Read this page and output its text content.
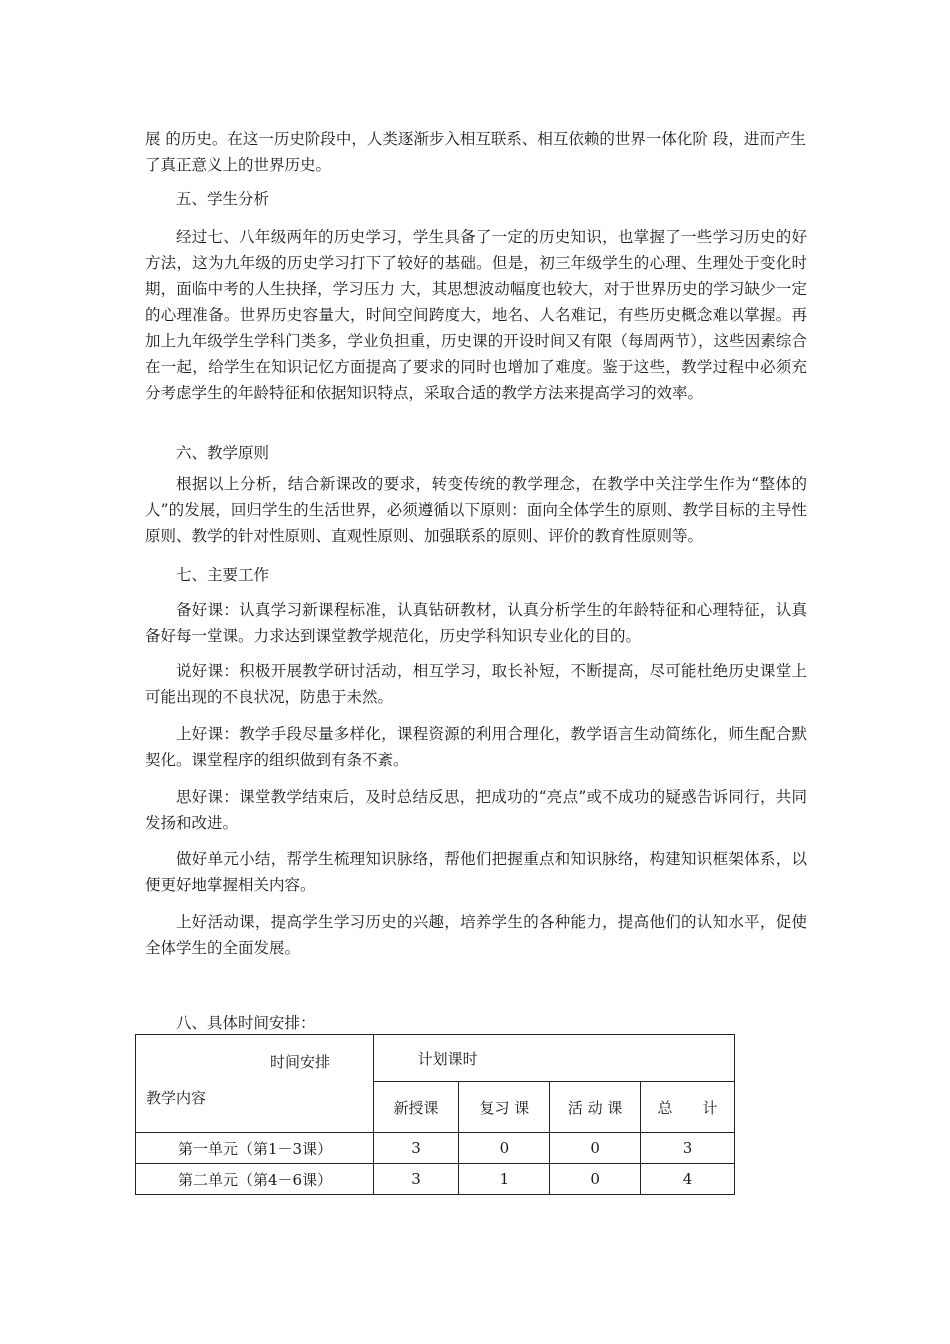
展 的历史。在这一历史阶段中，人类逐渐步入相互联系、相互依赖的世界一体化阶 段，进而产生了真正意义上的世界历史。

五、学生分析

经过七、八年级两年的历史学习，学生具备了一定的历史知识，也掌握了一些学习历史的好方法，这为九年级的历史学习打下了较好的基础。但是，初三年级学生的心理、生理处于变化时期，面临中考的人生抉择，学习压力 大，其思想波动幅度也较大，对于世界历史的学习缺少一定的心理准备。世界历史容量大，时间空间跨度大，地名、人名难记，有些历史概念难以掌握。再加上九年级学生学科门类多，学业负担重，历史课的开设时间又有限（每周两节），这些因素综合在一起，给学生在知识记忆方面提高了要求的同时也增加了难度。鉴于这些，教学过程中必须充分考虑学生的年龄特征和依据知识特点，采取合适的教学方法来提高学习的效率。

六、教学原则

根据以上分析，结合新课改的要求，转变传统的教学理念，在教学中关注学生作为“整体的人”的发展，回归学生的生活世界，必须遵循以下原则：面向全体学生的原则、教学目标的主导性原则、教学的针对性原则、直观性原则、加强联系的原则、评价的教育性原则等。

七、主要工作

备好课：认真学习新课程标准，认真钻研教材，认真分析学生的年龄特征和心理特征，认真备好每一堂课。力求达到课堂教学规范化，历史学科知识专业化的目的。

说好课：积极开展教学研讨活动，相互学习，取长补短，不断提高，尽可能杜绝历史课堂上可能出现的不良状况，防患于未然。

上好课：教学手段尽量多样化，课程资源的利用合理化，教学语言生动简练化，师生配合默契化。课堂程序的组织做到有条不紊。

思好课：课堂教学结束后，及时总结反思，把成功的“亮点”或不成功的疑惑告诉同行，共同发扬和改进。

做好单元小结，帮学生梳理知识脉络，帮他们把握重点和知识脉络，构建知识框架体系，以便更好地掌握相关内容。

上好活动课，提高学生学习历史的兴趣，培养学生的各种能力，提高他们的认知水平，促使全体学生的全面发展。

八、具体时间安排：

时间安排
教学内容	计划课时			
	新授课	复习 课	活 动 课	总　　计
第一单元（第1－3课）	3	0	0	3
第二单元（第4－6课）	3	1	0	4
